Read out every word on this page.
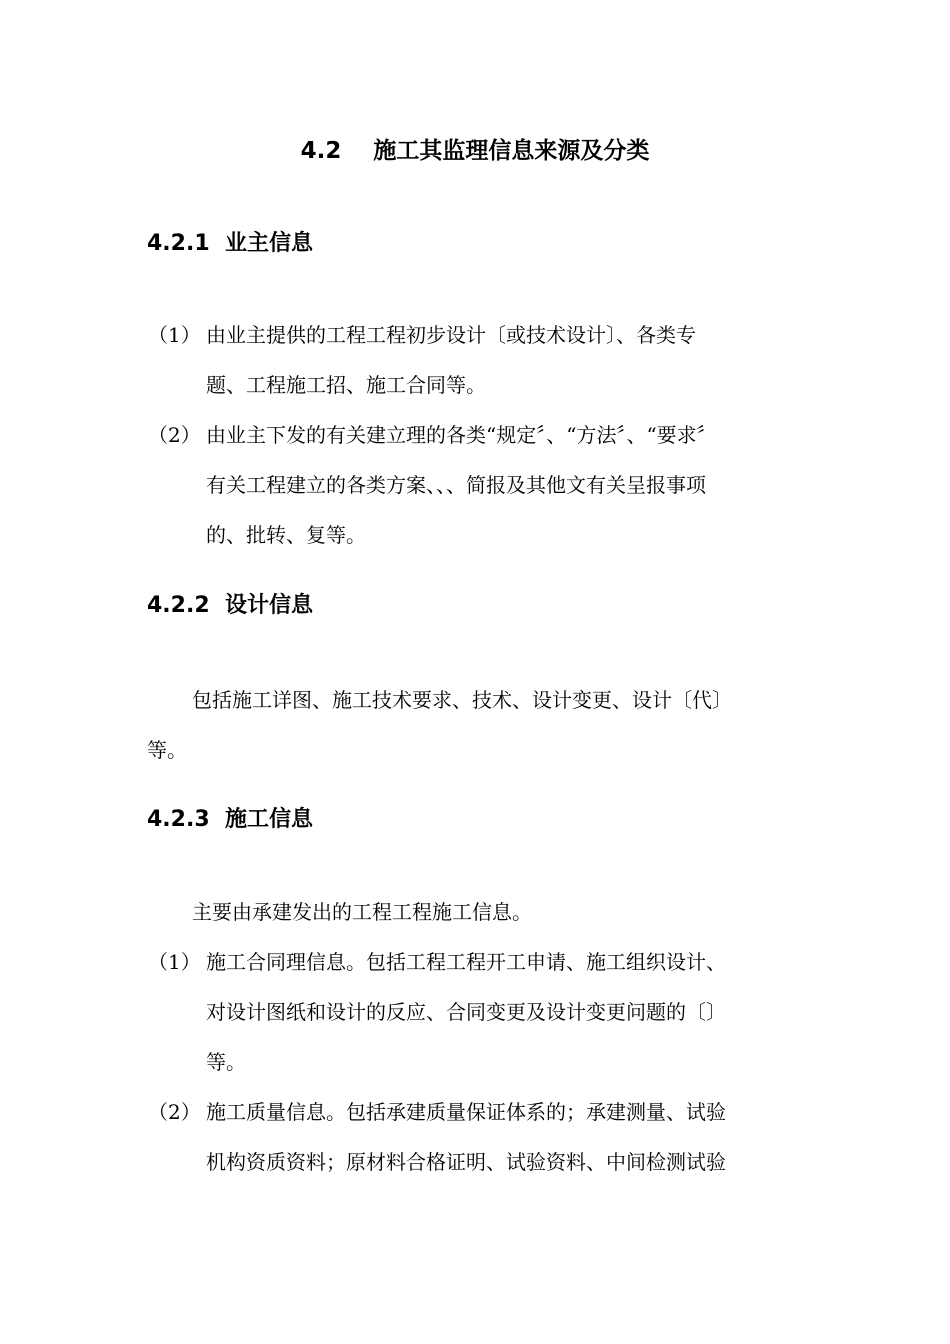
4.2    施工其监理信息来源及分类
4.2.1  业主信息
（1） 由业主提供的工程工程初步设计〔或技术设计〕、各类专
题、工程施工招、施工合同等。
（2） 由业主下发的有关建立理的各类“规定〞、“方法〞、“要求〞
有关工程建立的各类方案、、、简报及其他文有关呈报事项
的、批转、复等。
4.2.2  设计信息
包括施工详图、施工技术要求、技术、设计变更、设计〔代〕
等。
4.2.3  施工信息
主要由承建发出的工程工程施工信息。
（1） 施工合同理信息。包括工程工程开工申请、施工组织设计、
对设计图纸和设计的反应、合同变更及设计变更问题的〔〕
等。
（2） 施工质量信息。包括承建质量保证体系的；承建测量、试验
机构资质资料；原材料合格证明、试验资料、中间检测试验
